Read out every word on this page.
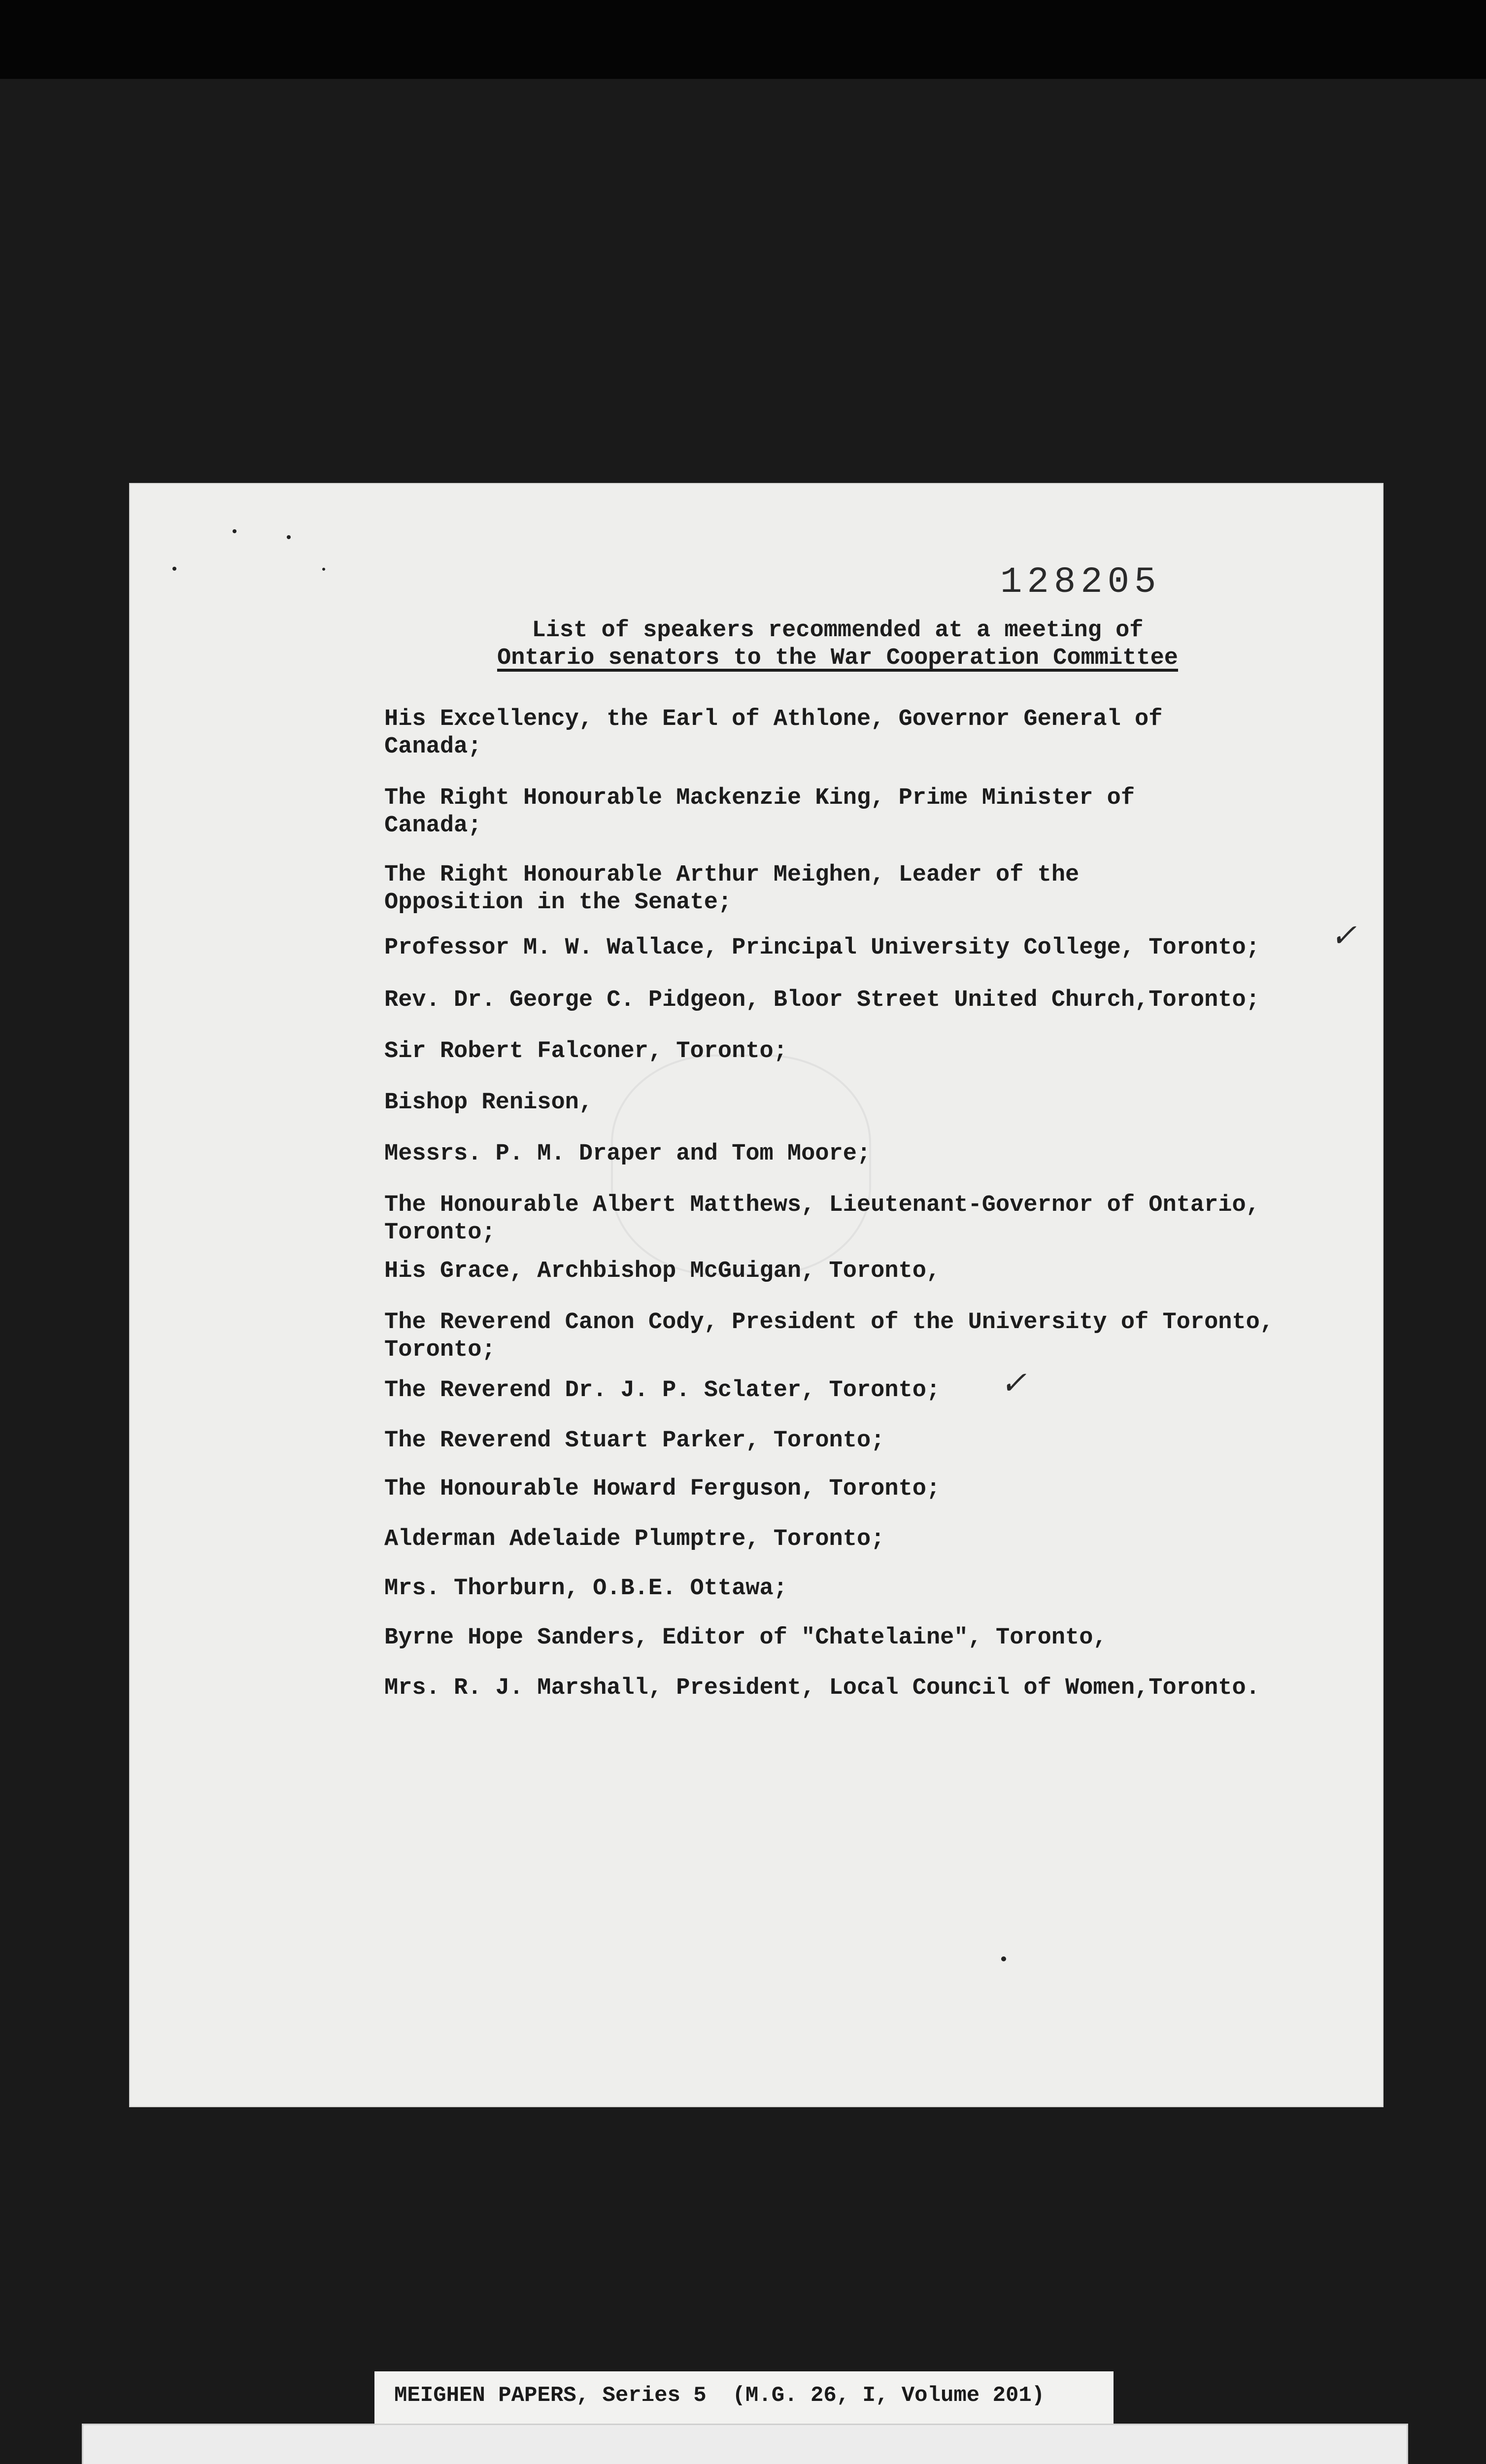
128205
List of speakers recommended at a meeting of
Ontario senators to the War Cooperation Committee
His Excellency, the Earl of Athlone, Governor General of
Canada;
The Right Honourable Mackenzie King, Prime Minister of
Canada;
The Right Honourable Arthur Meighen, Leader of the
Opposition in the Senate;
Professor M. W. Wallace, Principal University College, Toronto;
Rev. Dr. George C. Pidgeon, Bloor Street United Church,Toronto;
Sir Robert Falconer, Toronto;
Bishop Renison,
Messrs. P. M. Draper and Tom Moore;
The Honourable Albert Matthews, Lieutenant-Governor of Ontario,
Toronto;
His Grace, Archbishop McGuigan, Toronto,
The Reverend Canon Cody, President of the University of Toronto,
Toronto;
The Reverend Dr. J. P. Sclater, Toronto;
The Reverend Stuart Parker, Toronto;
The Honourable Howard Ferguson, Toronto;
Alderman Adelaide Plumptre, Toronto;
Mrs. Thorburn, O.B.E. Ottawa;
Byrne Hope Sanders, Editor of "Chatelaine", Toronto,
Mrs. R. J. Marshall, President, Local Council of Women,Toronto.
✓
✓
MEIGHEN PAPERS, Series 5  (M.G. 26, I, Volume 201)
